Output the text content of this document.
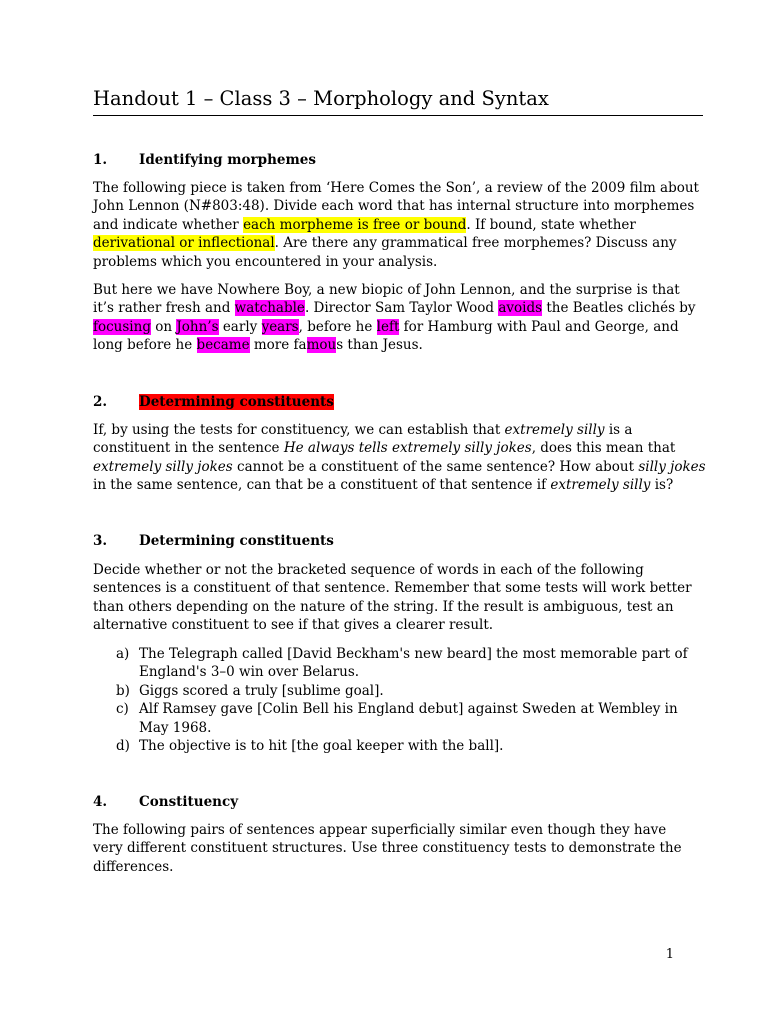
Handout 1 – Class 3 – Morphology and Syntax
1. Identifying morphemes
The following piece is taken from ‘Here Comes the Son’, a review of the 2009 film about
John Lennon (N#803:48). Divide each word that has internal structure into morphemes
and indicate whether each morpheme is free or bound. If bound, state whether
derivational or inflectional. Are there any grammatical free morphemes? Discuss any
problems which you encountered in your analysis.
But here we have Nowhere Boy, a new biopic of John Lennon, and the surprise is that
it’s rather fresh and watchable. Director Sam Taylor Wood avoids the Beatles clichés by
focusing on John’s early years, before he left for Hamburg with Paul and George, and
long before he became more famous than Jesus.
2. Determining constituents
If, by using the tests for constituency, we can establish that extremely silly is a
constituent in the sentence He always tells extremely silly jokes, does this mean that
extremely silly jokes cannot be a constituent of the same sentence? How about silly jokes
in the same sentence, can that be a constituent of that sentence if extremely silly is?
3. Determining constituents
Decide whether or not the bracketed sequence of words in each of the following
sentences is a constituent of that sentence. Remember that some tests will work better
than others depending on the nature of the string. If the result is ambiguous, test an
alternative constituent to see if that gives a clearer result.
a) The Telegraph called [David Beckham's new beard] the most memorable part of
England's 3–0 win over Belarus.
b) Giggs scored a truly [sublime goal].
c) Alf Ramsey gave [Colin Bell his England debut] against Sweden at Wembley in
May 1968.
d) The objective is to hit [the goal keeper with the ball].
4. Constituency
The following pairs of sentences appear superficially similar even though they have
very different constituent structures. Use three constituency tests to demonstrate the
differences.
1
